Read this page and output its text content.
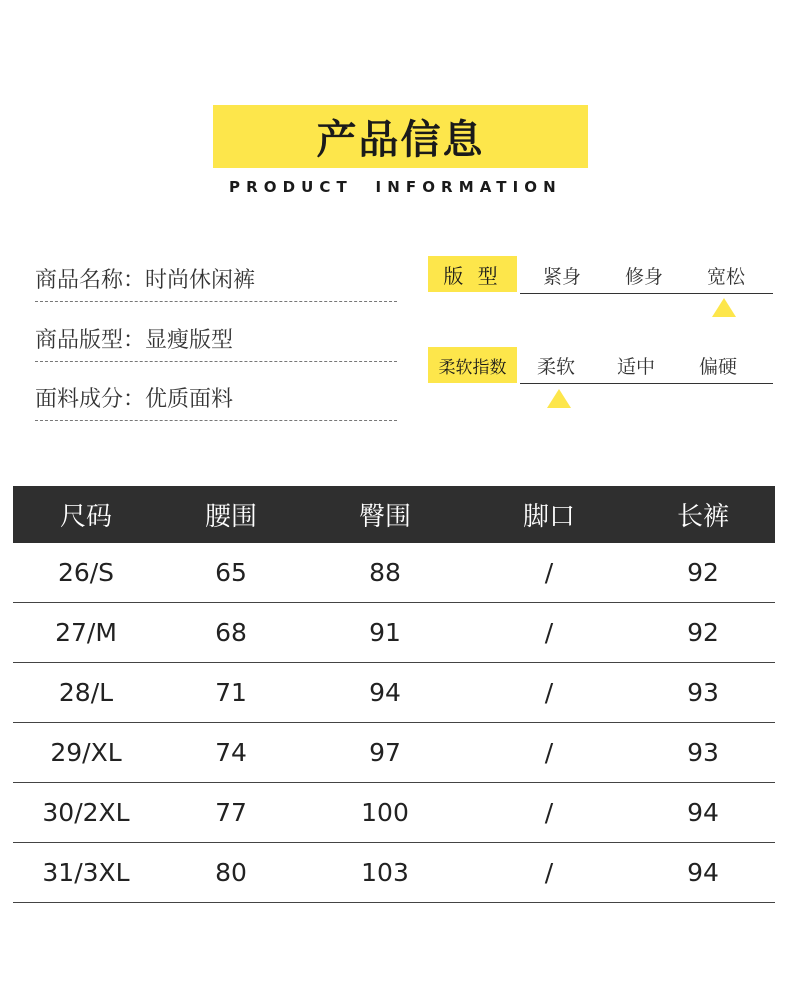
产品信息
PRODUCT  INFORMATION
商品名称： 时尚休闲裤
商品版型： 显瘦版型
面料成分： 优质面料
版 型	紧身	修身	宽松
柔软指数	柔软	适中	偏硬
尺码	腰围	臀围	脚口	长裤
26/S	65	88	/	92
27/M	68	91	/	92
28/L	71	94	/	93
29/XL	74	97	/	93
30/2XL	77	100	/	94
31/3XL	80	103	/	94
